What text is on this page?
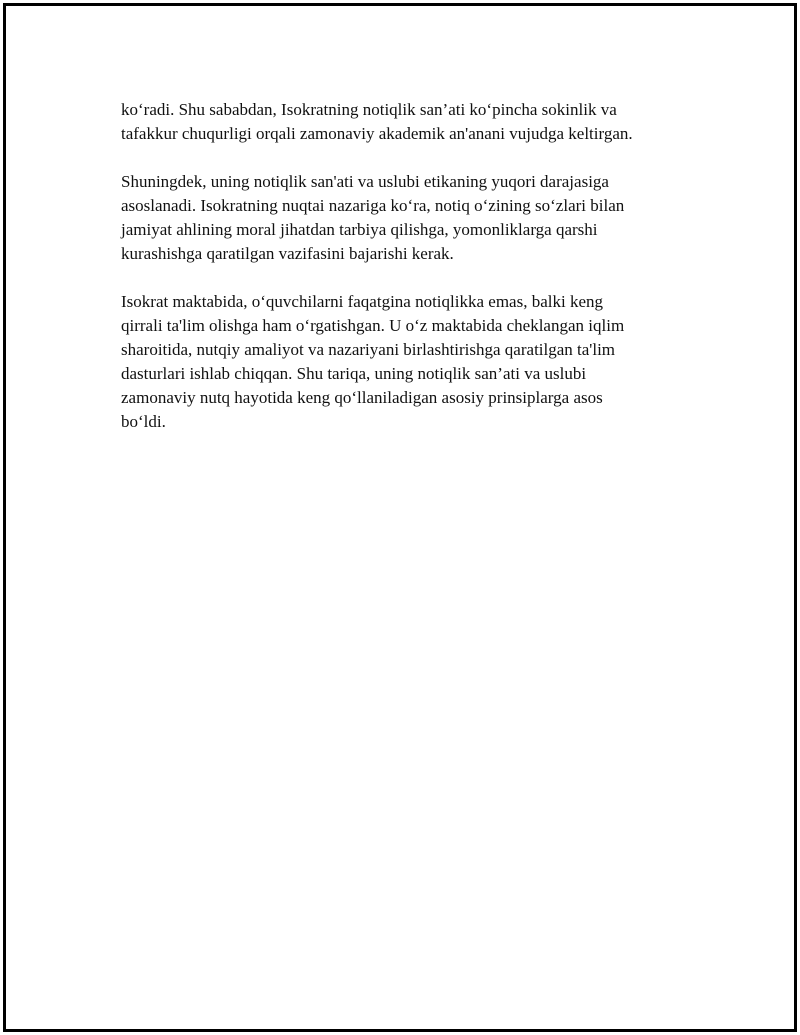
ko‘radi. Shu sababdan, Isokratning notiqlik san’ati ko‘pincha sokinlik va
tafakkur chuqurligi orqali zamonaviy akademik an'anani vujudga keltirgan.

Shuningdek, uning notiqlik san'ati va uslubi etikaning yuqori darajasiga
asoslanadi. Isokratning nuqtai nazariga ko‘ra, notiq o‘zining so‘zlari bilan
jamiyat ahlining moral jihatdan tarbiya qilishga, yomonliklarga qarshi
kurashishga qaratilgan vazifasini bajarishi kerak.

Isokrat maktabida, o‘quvchilarni faqatgina notiqlikka emas, balki keng
qirrali ta'lim olishga ham o‘rgatishgan. U o‘z maktabida cheklangan iqlim
sharoitida, nutqiy amaliyot va nazariyani birlashtirishga qaratilgan ta'lim
dasturlari ishlab chiqqan. Shu tariqa, uning notiqlik san’ati va uslubi
zamonaviy nutq hayotida keng qo‘llaniladigan asosiy prinsiplarga asos
bo‘ldi.
